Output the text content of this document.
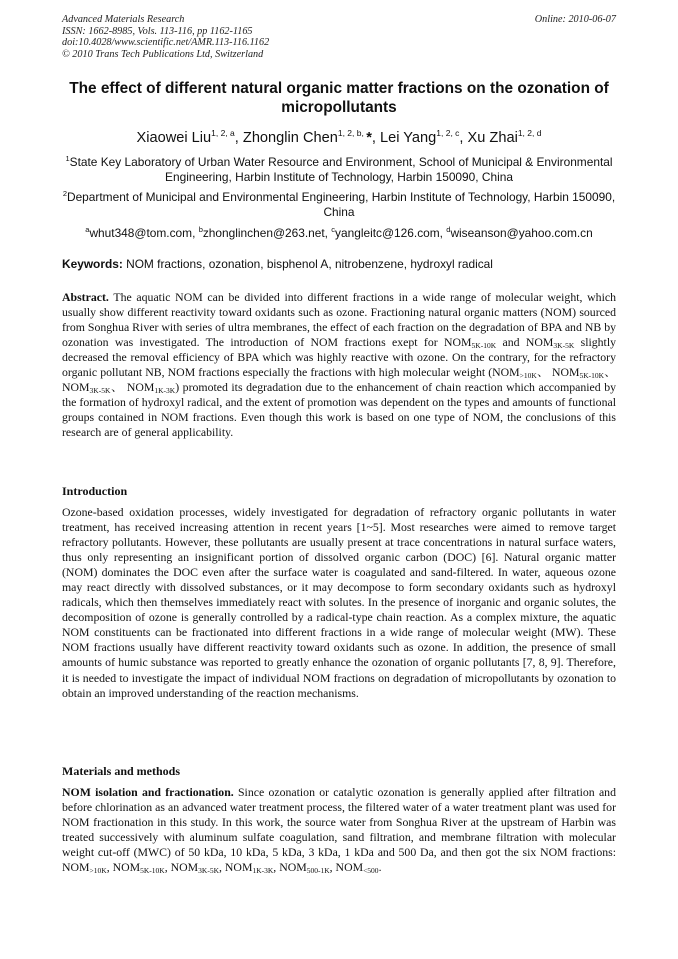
Advanced Materials Research
ISSN: 1662-8985, Vols. 113-116, pp 1162-1165
doi:10.4028/www.scientific.net/AMR.113-116.1162
© 2010 Trans Tech Publications Ltd, Switzerland
Online: 2010-06-07
The effect of different natural organic matter fractions on the ozonation of micropollutants
Xiaowei Liu$^{1, 2, a}$, Zhonglin Chen$^{1, 2, b,}$ *, Lei Yang$^{1, 2, c}$, Xu Zhai$^{1, 2, d}$
$^1$State Key Laboratory of Urban Water Resource and Environment, School of Municipal & Environmental Engineering, Harbin Institute of Technology, Harbin 150090, China
$^2$Department of Municipal and Environmental Engineering, Harbin Institute of Technology, Harbin 150090, China
$^a$whut348@tom.com, $^b$zhonglinchen@263.net, $^c$yangleitc@126.com, $^d$wiseanson@yahoo.com.cn
Keywords: NOM fractions, ozonation, bisphenol A, nitrobenzene, hydroxyl radical
Abstract. The aquatic NOM can be divided into different fractions in a wide range of molecular weight, which usually show different reactivity toward oxidants such as ozone. Fractioning natural organic matters (NOM) sourced from Songhua River with series of ultra membranes, the effect of each fraction on the degradation of BPA and NB by ozonation was investigated. The introduction of NOM fractions exept for $NOM_{5K-10K}$ and $NOM_{3K-5K}$ slightly decreased the removal efficiency of BPA which was highly reactive with ozone. On the contrary, for the refractory organic pollutant NB, NOM fractions especially the fractions with high molecular weight ($NOM_{>10K}$、 $NOM_{5K-10K}$、 $NOM_{3K-5K}$、 $NOM_{1K-3K}$) promoted its degradation due to the enhancement of chain reaction which accompanied by the formation of hydroxyl radical, and the extent of promotion was dependent on the types and amounts of functional groups contained in NOM fractions. Even though this work is based on one type of NOM, the conclusions of this research are of general applicability.
Introduction
Ozone-based oxidation processes, widely investigated for degradation of refractory organic pollutants in water treatment, has received increasing attention in recent years [1~5]. Most researches were aimed to remove target refractory pollutants. However, these pollutants are usually present at trace concentrations in natural surface waters, thus only representing an insignificant portion of dissolved organic carbon (DOC) [6]. Natural organic matter (NOM) dominates the DOC even after the surface water is coagulated and sand-filtered. In water, aqueous ozone may react directly with dissolved substances, or it may decompose to form secondary oxidants such as hydroxyl radicals, which then themselves immediately react with solutes. In the presence of inorganic and organic solutes, the decomposition of ozone is generally controlled by a radical-type chain reaction. As a complex mixture, the aquatic NOM constituents can be fractionated into different fractions in a wide range of molecular weight (MW). These NOM fractions usually have different reactivity toward oxidants such as ozone. In addition, the presence of small amounts of humic substance was reported to greatly enhance the ozonation of organic pollutants [7, 8, 9]. Therefore, it is needed to investigate the impact of individual NOM fractions on degradation of micropollutants by ozonation to obtain an improved understanding of the reaction mechanisms.
Materials and methods
NOM isolation and fractionation. Since ozonation or catalytic ozonation is generally applied after filtration and before chlorination as an advanced water treatment process, the filtered water of a water treatment plant was used for NOM fractionation in this study. In this work, the source water from Songhua River at the upstream of Harbin was treated successively with aluminum sulfate coagulation, sand filtration, and membrane filtration with molecular weight cut-off (MWC) of 50 kDa, 10 kDa, 5 kDa, 3 kDa, 1 kDa and 500 Da, and then got the six NOM fractions: $NOM_{>10K}$, $NOM_{5K-10K}$, $NOM_{3K-5K}$, $NOM_{1K-3K}$, $NOM_{500-1K}$, $NOM_{<500}$.
